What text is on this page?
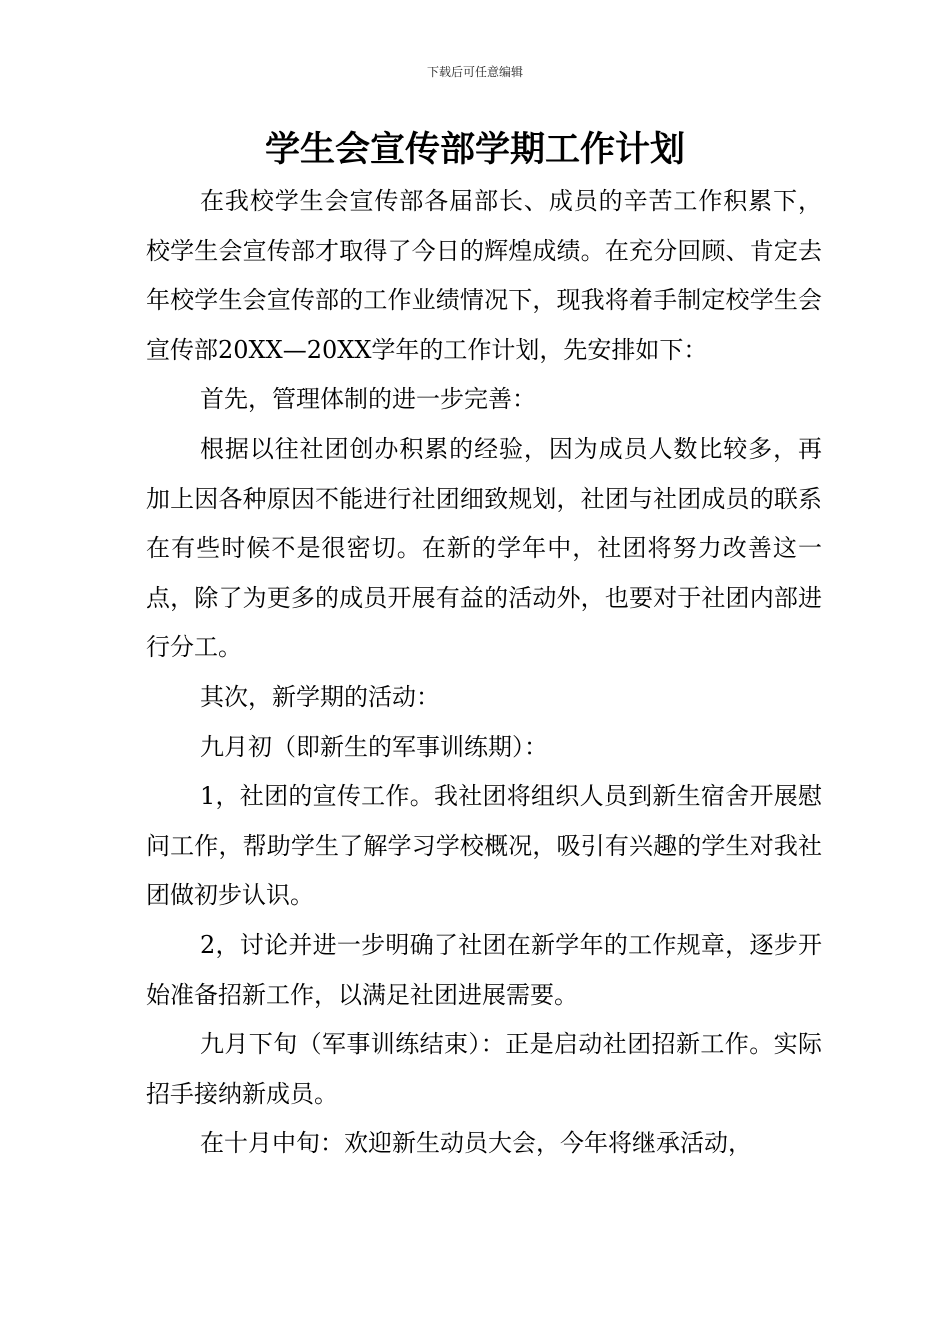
下载后可任意编辑
学生会宣传部学期工作计划

在我校学生会宣传部各届部长、成员的辛苦工作积累下，校学生会宣传部才取得了今日的辉煌成绩。在充分回顾、肯定去年校学生会宣传部的工作业绩情况下，现我将着手制定校学生会宣传部20XX—20XX学年的工作计划，先安排如下：

首先，管理体制的进一步完善：

根据以往社团创办积累的经验，因为成员人数比较多，再加上因各种原因不能进行社团细致规划，社团与社团成员的联系在有些时候不是很密切。在新的学年中，社团将努力改善这一点，除了为更多的成员开展有益的活动外，也要对于社团内部进行分工。

其次，新学期的活动：

九月初（即新生的军事训练期）：

1，社团的宣传工作。我社团将组织人员到新生宿舍开展慰问工作，帮助学生了解学习学校概况，吸引有兴趣的学生对我社团做初步认识。

2，讨论并进一步明确了社团在新学年的工作规章，逐步开始准备招新工作，以满足社团进展需要。

九月下旬（军事训练结束）：正是启动社团招新工作。实际招手接纳新成员。

在十月中旬：欢迎新生动员大会，今年将继承活动，
